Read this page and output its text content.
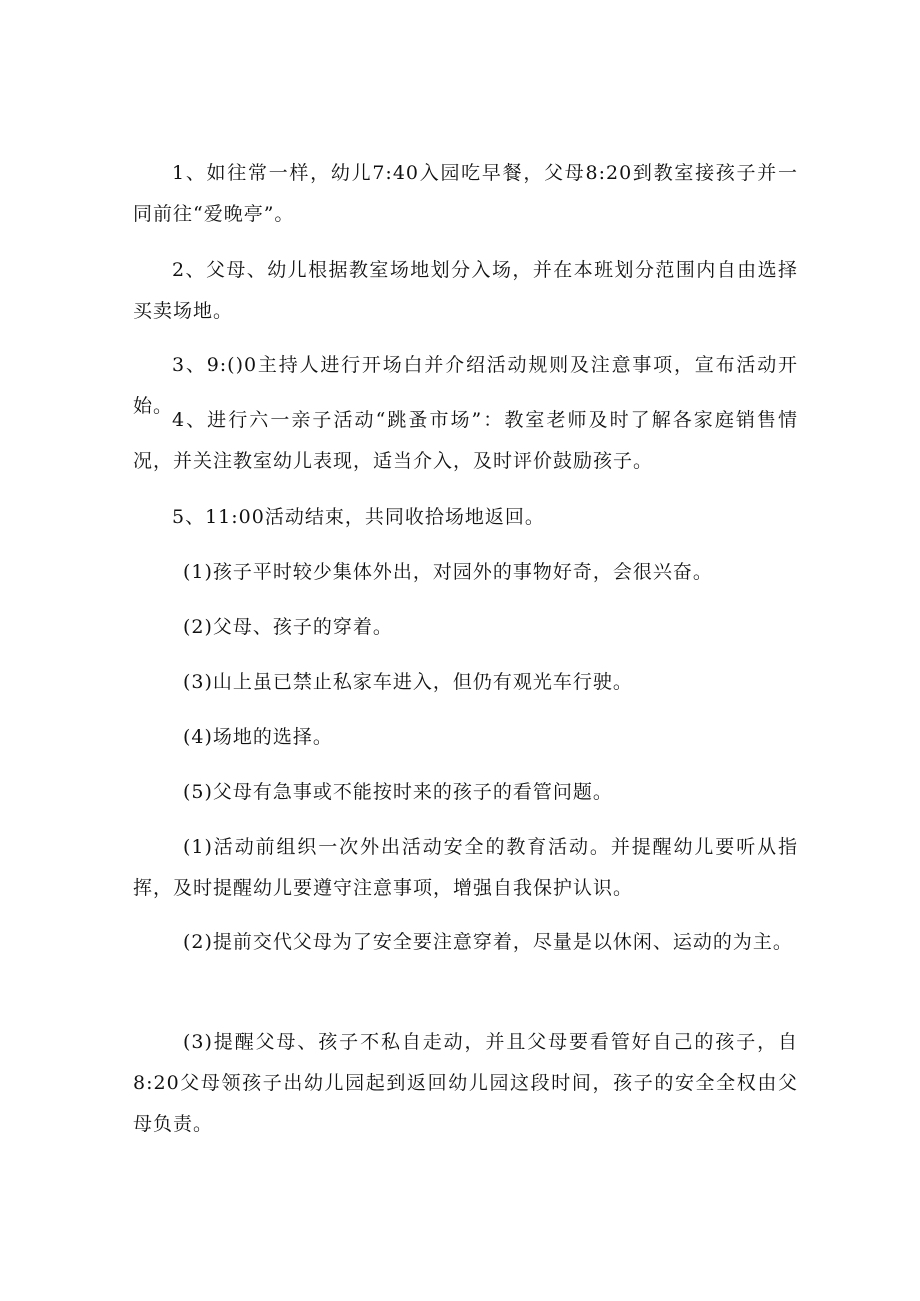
1、如往常一样，幼儿7:40入园吃早餐，父母8:20到教室接孩子并一同前往“爱晚亭”。

2、父母、幼儿根据教室场地划分入场，并在本班划分范围内自由选择买卖场地。

3、9:()0主持人进行开场白并介绍活动规则及注意事项，宣布活动开始。

4、进行六一亲子活动“跳蚤市场”：教室老师及时了解各家庭销售情况，并关注教室幼儿表现，适当介入，及时评价鼓励孩子。

5、11:00活动结束，共同收拾场地返回。

(1)孩子平时较少集体外出，对园外的事物好奇，会很兴奋。

(2)父母、孩子的穿着。

(3)山上虽已禁止私家车进入，但仍有观光车行驶。

(4)场地的选择。

(5)父母有急事或不能按时来的孩子的看管问题。

(1)活动前组织一次外出活动安全的教育活动。并提醒幼儿要听从指挥，及时提醒幼儿要遵守注意事项，增强自我保护认识。

(2)提前交代父母为了安全要注意穿着，尽量是以休闲、运动的为主。

(3)提醒父母、孩子不私自走动，并且父母要看管好自己的孩子，自8:20父母领孩子出幼儿园起到返回幼儿园这段时间，孩子的安全全权由父母负责。
